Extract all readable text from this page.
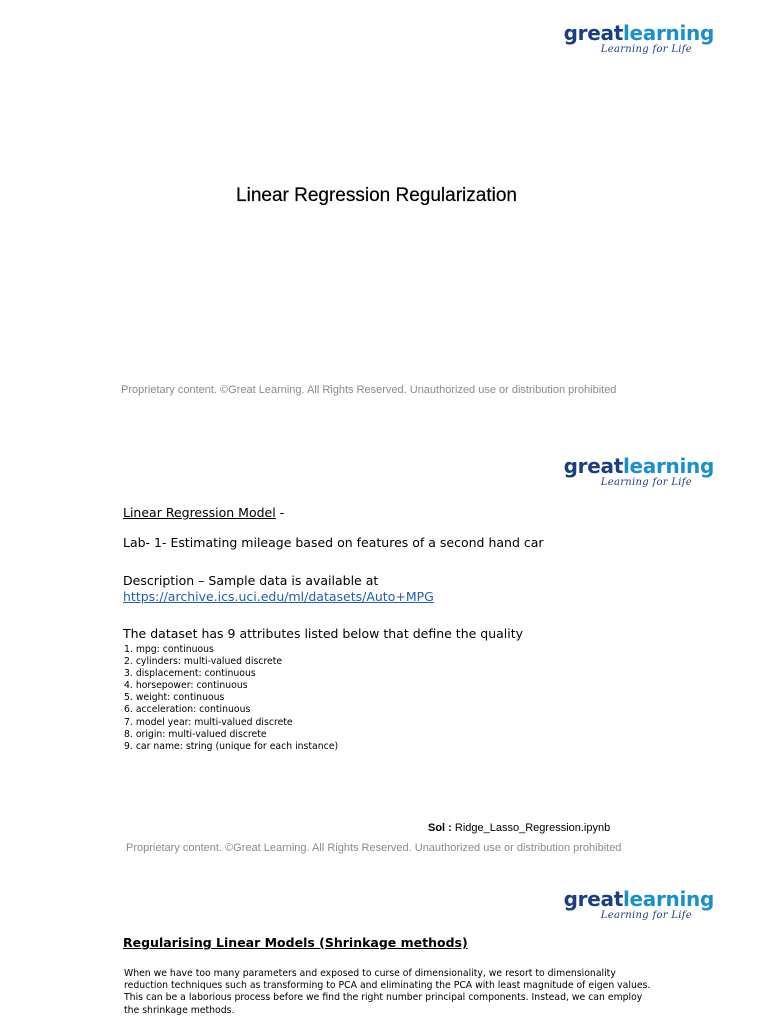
greatlearning
Learning for Life
Linear Regression Regularization
Proprietary content. ©Great Learning. All Rights Reserved. Unauthorized use or distribution prohibited
greatlearning
Learning for Life
Linear Regression Model -
Lab- 1- Estimating mileage based on features of a second hand car
Description – Sample data is available at
https://archive.ics.uci.edu/ml/datasets/Auto+MPG
The dataset has 9 attributes listed below that define the quality
1. mpg: continuous
2. cylinders: multi-valued discrete
3. displacement: continuous
4. horsepower: continuous
5. weight: continuous
6. acceleration: continuous
7. model year: multi-valued discrete
8. origin: multi-valued discrete
9. car name: string (unique for each instance)
Sol : Ridge_Lasso_Regression.ipynb
Proprietary content. ©Great Learning. All Rights Reserved. Unauthorized use or distribution prohibited
greatlearning
Learning for Life
Regularising Linear Models (Shrinkage methods)
When we have too many parameters and exposed to curse of dimensionality, we resort to dimensionality reduction techniques such as transforming to PCA and eliminating the PCA with least magnitude of eigen values. This can be a laborious process before we find the right number principal components. Instead, we can employ the shrinkage methods.
